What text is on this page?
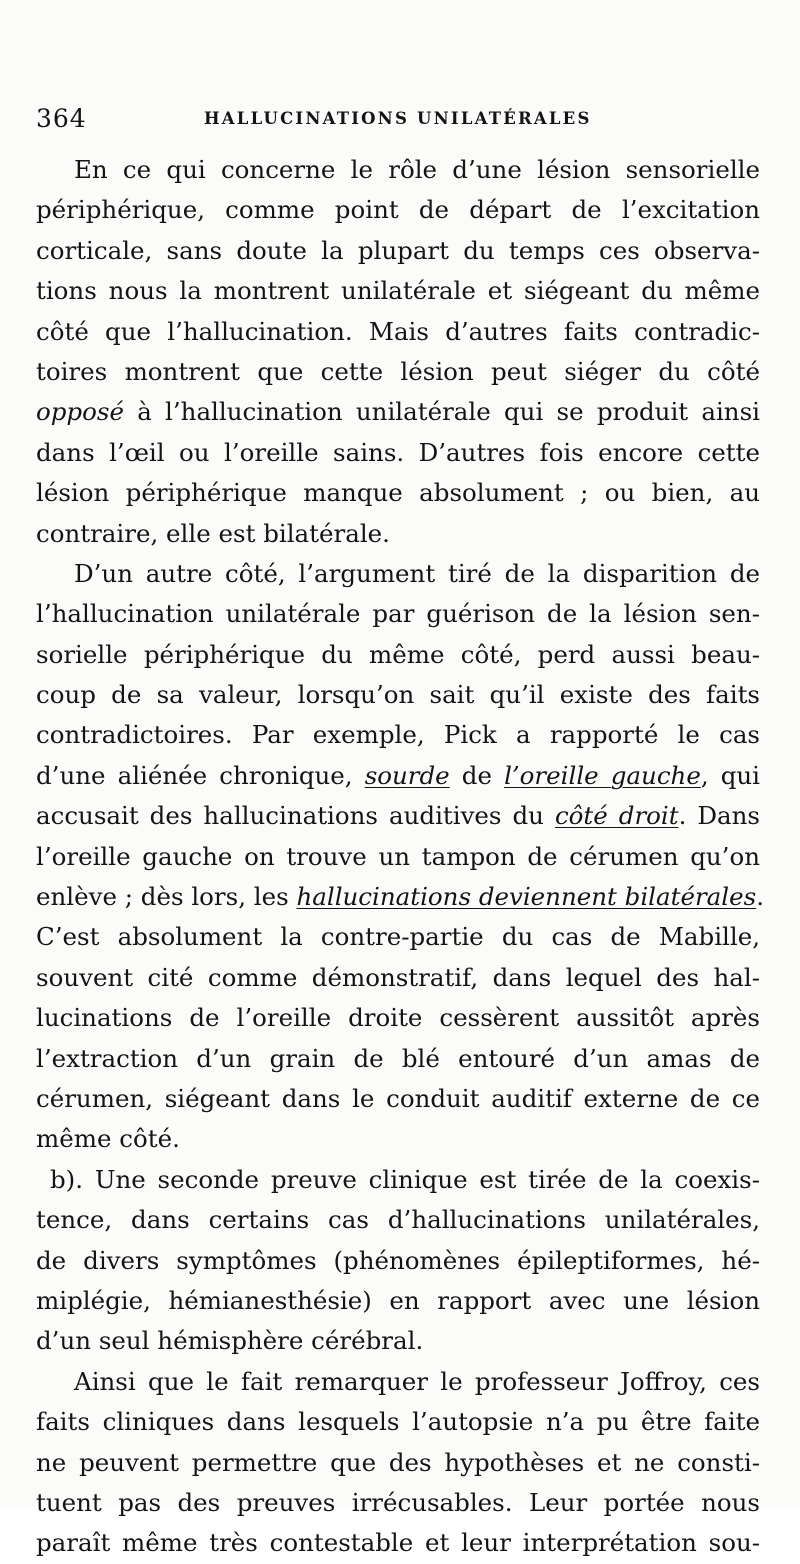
364	HALLUCINATIONS UNILATÉRALES
En ce qui concerne le rôle d’une lésion sensorielle
périphérique, comme point de départ de l’excitation
corticale, sans doute la plupart du temps ces observa-
tions nous la montrent unilatérale et siégeant du même
côté que l’hallucination. Mais d’autres faits contradic-
toires montrent que cette lésion peut siéger du côté
opposé à l’hallucination unilatérale qui se produit ainsi
dans l’œil ou l’oreille sains. D’autres fois encore cette
lésion périphérique manque absolument ; ou bien, au
contraire, elle est bilatérale.
D’un autre côté, l’argument tiré de la disparition de
l’hallucination unilatérale par guérison de la lésion sen-
sorielle périphérique du même côté, perd aussi beau-
coup de sa valeur, lorsqu’on sait qu’il existe des faits
contradictoires. Par exemple, Pick a rapporté le cas
d’une aliénée chronique, sourde de l’oreille gauche, qui
accusait des hallucinations auditives du côté droit. Dans
l’oreille gauche on trouve un tampon de cérumen qu’on
enlève ; dès lors, les hallucinations deviennent bilatérales.
C’est absolument la contre-partie du cas de Mabille,
souvent cité comme démonstratif, dans lequel des hal-
lucinations de l’oreille droite cessèrent aussitôt après
l’extraction d’un grain de blé entouré d’un amas de
cérumen, siégeant dans le conduit auditif externe de ce
même côté.
b). Une seconde preuve clinique est tirée de la coexis-
tence, dans certains cas d’hallucinations unilatérales,
de divers symptômes (phénomènes épileptiformes, hé-
miplégie, hémianesthésie) en rapport avec une lésion
d’un seul hémisphère cérébral.
Ainsi que le fait remarquer le professeur Joffroy, ces
faits cliniques dans lesquels l’autopsie n’a pu être faite
ne peuvent permettre que des hypothèses et ne consti-
tuent pas des preuves irrécusables. Leur portée nous
paraît même très contestable et leur interprétation sou-
